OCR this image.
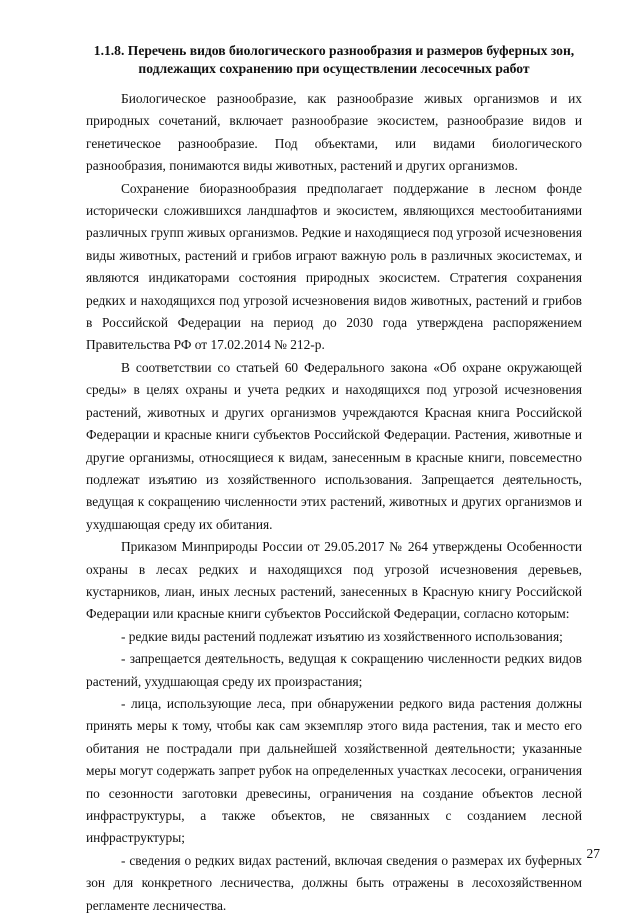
1.1.8. Перечень видов биологического разнообразия и размеров буферных зон,
подлежащих сохранению при осуществлении лесосечных работ

Биологическое разнообразие, как разнообразие живых организмов и их природных сочетаний, включает разнообразие экосистем, разнообразие видов и генетическое разнообразие. Под объектами, или видами биологического разнообразия, понимаются виды животных, растений и других организмов.

Сохранение биоразнообразия предполагает поддержание в лесном фонде исторически сложившихся ландшафтов и экосистем, являющихся местообитаниями различных групп живых организмов. Редкие и находящиеся под угрозой исчезновения виды животных, растений и грибов играют важную роль в различных экосистемах, и являются индикаторами состояния природных экосистем. Стратегия сохранения редких и находящихся под угрозой исчезновения видов животных, растений и грибов в Российской Федерации на период до 2030 года утверждена распоряжением Правительства РФ от 17.02.2014 № 212-р.

В соответствии со статьей 60 Федерального закона «Об охране окружающей среды» в целях охраны и учета редких и находящихся под угрозой исчезновения растений, животных и других организмов учреждаются Красная книга Российской Федерации и красные книги субъектов Российской Федерации. Растения, животные и другие организмы, относящиеся к видам, занесенным в красные книги, повсеместно подлежат изъятию из хозяйственного использования. Запрещается деятельность, ведущая к сокращению численности этих растений, животных и других организмов и ухудшающая среду их обитания.

Приказом Минприроды России от 29.05.2017 № 264 утверждены Особенности охраны в лесах редких и находящихся под угрозой исчезновения деревьев, кустарников, лиан, иных лесных растений, занесенных в Красную книгу Российской Федерации или красные книги субъектов Российской Федерации, согласно которым:

- редкие виды растений подлежат изъятию из хозяйственного использования;

- запрещается деятельность, ведущая к сокращению численности редких видов растений, ухудшающая среду их произрастания;

- лица, использующие леса, при обнаружении редкого вида растения должны принять меры к тому, чтобы как сам экземпляр этого вида растения, так и место его обитания не пострадали при дальнейшей хозяйственной деятельности; указанные меры могут содержать запрет рубок на определенных участках лесосеки, ограничения по сезонности заготовки древесины, ограничения на создание объектов лесной инфраструктуры, а также объектов, не связанных с созданием лесной инфраструктуры;

- сведения о редких видах растений, включая сведения о размерах их буферных зон для конкретного лесничества, должны быть отражены в лесохозяйственном регламенте лесничества.

27
